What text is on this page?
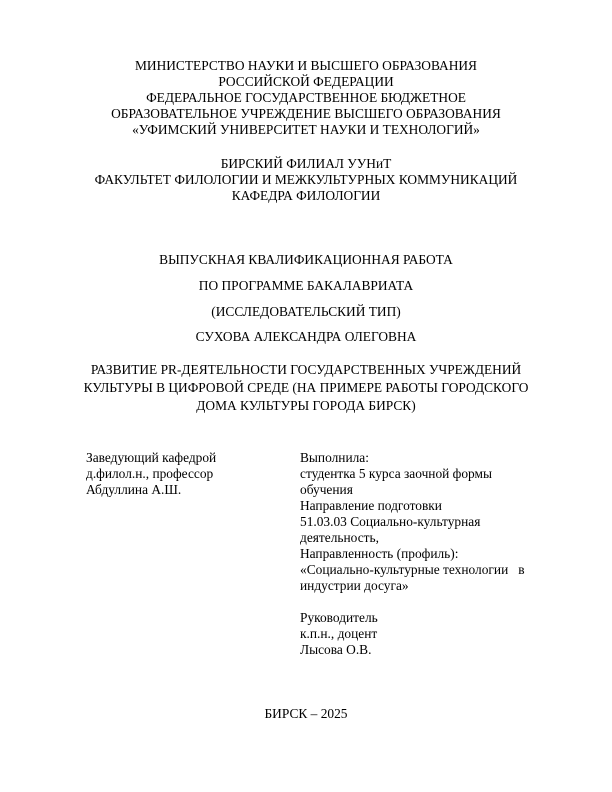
МИНИСТЕРСТВО НАУКИ И ВЫСШЕГО ОБРАЗОВАНИЯ
РОССИЙСКОЙ ФЕДЕРАЦИИ
ФЕДЕРАЛЬНОЕ ГОСУДАРСТВЕННОЕ БЮДЖЕТНОЕ
ОБРАЗОВАТЕЛЬНОЕ УЧРЕЖДЕНИЕ ВЫСШЕГО ОБРАЗОВАНИЯ
«УФИМСКИЙ УНИВЕРСИТЕТ НАУКИ И ТЕХНОЛОГИЙ»
БИРСКИЙ ФИЛИАЛ УУНиТ
ФАКУЛЬТЕТ ФИЛОЛОГИИ И МЕЖКУЛЬТУРНЫХ КОММУНИКАЦИЙ
КАФЕДРА ФИЛОЛОГИИ
ВЫПУСКНАЯ КВАЛИФИКАЦИОННАЯ РАБОТА
ПО ПРОГРАММЕ БАКАЛАВРИАТА
(ИССЛЕДОВАТЕЛЬСКИЙ ТИП)
СУХОВА АЛЕКСАНДРА ОЛЕГОВНА
РАЗВИТИЕ PR-ДЕЯТЕЛЬНОСТИ ГОСУДАРСТВЕННЫХ УЧРЕЖДЕНИЙ
КУЛЬТУРЫ В ЦИФРОВОЙ СРЕДЕ (НА ПРИМЕРЕ РАБОТЫ ГОРОДСКОГО
ДОМА КУЛЬТУРЫ ГОРОДА БИРСК)
Заведующий кафедрой
д.филол.н., профессор
Абдуллина А.Ш.
Выполнила:
студентка 5 курса заочной формы
обучения
Направление подготовки
51.03.03 Социально-культурная
деятельность,
Направленность (профиль):
«Социально-культурные технологии   в
индустрии досуга»
Руководитель
к.п.н., доцент
Лысова О.В.
БИРСК – 2025
